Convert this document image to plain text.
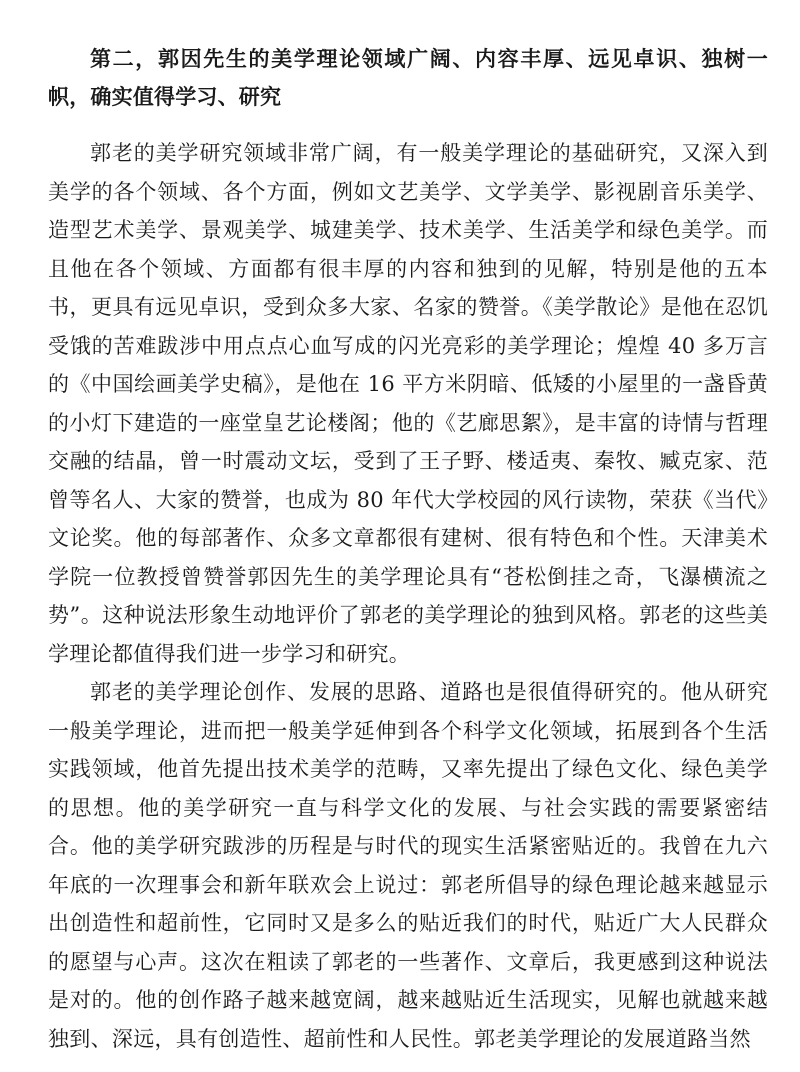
第二，郭因先生的美学理论领域广阔、内容丰厚、远见卓识、独树一帜，确实值得学习、研究

郭老的美学研究领域非常广阔，有一般美学理论的基础研究，又深入到美学的各个领域、各个方面，例如文艺美学、文学美学、影视剧音乐美学、造型艺术美学、景观美学、城建美学、技术美学、生活美学和绿色美学。而且他在各个领域、方面都有很丰厚的内容和独到的见解，特别是他的五本书，更具有远见卓识，受到众多大家、名家的赞誉。《美学散论》是他在忍饥受饿的苦难跋涉中用点点心血写成的闪光亮彩的美学理论；煌煌 40 多万言的《中国绘画美学史稿》，是他在 16 平方米阴暗、低矮的小屋里的一盏昏黄的小灯下建造的一座堂皇艺论楼阁；他的《艺廊思絮》，是丰富的诗情与哲理交融的结晶，曾一时震动文坛，受到了王子野、楼适夷、秦牧、臧克家、范曾等名人、大家的赞誉，也成为 80 年代大学校园的风行读物，荣获《当代》文论奖。他的每部著作、众多文章都很有建树、很有特色和个性。天津美术学院一位教授曾赞誉郭因先生的美学理论具有“苍松倒挂之奇，飞瀑横流之势”。这种说法形象生动地评价了郭老的美学理论的独到风格。郭老的这些美学理论都值得我们进一步学习和研究。

郭老的美学理论创作、发展的思路、道路也是很值得研究的。他从研究一般美学理论，进而把一般美学延伸到各个科学文化领域，拓展到各个生活实践领域，他首先提出技术美学的范畴，又率先提出了绿色文化、绿色美学的思想。他的美学研究一直与科学文化的发展、与社会实践的需要紧密结合。他的美学研究跋涉的历程是与时代的现实生活紧密贴近的。我曾在九六年底的一次理事会和新年联欢会上说过：郭老所倡导的绿色理论越来越显示出创造性和超前性，它同时又是多么的贴近我们的时代，贴近广大人民群众的愿望与心声。这次在粗读了郭老的一些著作、文章后，我更感到这种说法是对的。他的创作路子越来越宽阔，越来越贴近生活现实，见解也就越来越独到、深远，具有创造性、超前性和人民性。郭老美学理论的发展道路当然
